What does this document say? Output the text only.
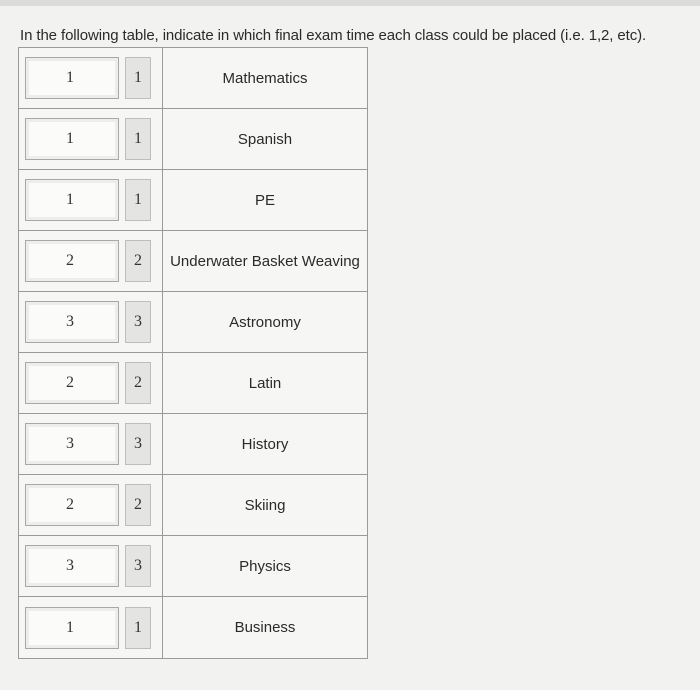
In the following table, indicate in which final exam time each class could be placed (i.e. 1,2, etc).
1	1	Mathematics
1	1	Spanish
1	1	PE
2	2	Underwater Basket Weaving
3	3	Astronomy
2	2	Latin
3	3	History
2	2	Skiing
3	3	Physics
1	1	Business
